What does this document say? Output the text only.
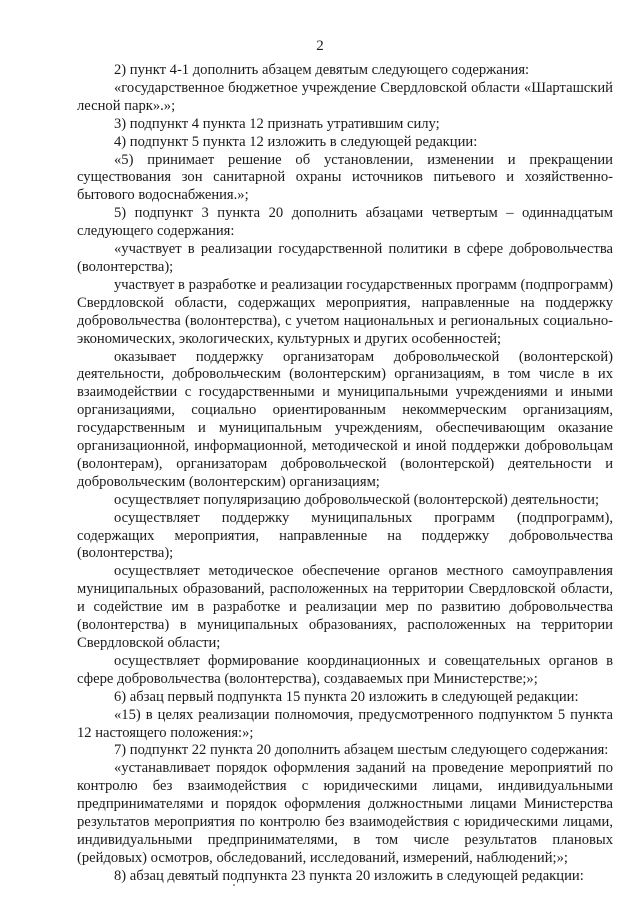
2

2) пункт 4-1 дополнить абзацем девятым следующего содержания:

«государственное бюджетное учреждение Свердловской области «Шарташский лесной парк».»;

3) подпункт 4 пункта 12 признать утратившим силу;

4) подпункт 5 пункта 12 изложить в следующей редакции:

«5) принимает решение об установлении, изменении и прекращении существования зон санитарной охраны источников питьевого и хозяйственно-бытового водоснабжения.»;

5) подпункт 3 пункта 20 дополнить абзацами четвертым – одиннадцатым следующего содержания:

«участвует в реализации государственной политики в сфере добровольчества (волонтерства);

участвует в разработке и реализации государственных программ (подпрограмм) Свердловской области, содержащих мероприятия, направленные на поддержку добровольчества (волонтерства), с учетом национальных и региональных социально-экономических, экологических, культурных и других особенностей;

оказывает поддержку организаторам добровольческой (волонтерской) деятельности, добровольческим (волонтерским) организациям, в том числе в их взаимодействии с государственными и муниципальными учреждениями и иными организациями, социально ориентированным некоммерческим организациям, государственным и муниципальным учреждениям, обеспечивающим оказание организационной, информационной, методической и иной поддержки добровольцам (волонтерам), организаторам добровольческой (волонтерской) деятельности и добровольческим (волонтерским) организациям;

осуществляет популяризацию добровольческой (волонтерской) деятельности;

осуществляет поддержку муниципальных программ (подпрограмм), содержащих мероприятия, направленные на поддержку добровольчества (волонтерства);

осуществляет методическое обеспечение органов местного самоуправления муниципальных образований, расположенных на территории Свердловской области, и содействие им в разработке и реализации мер по развитию добровольчества (волонтерства) в муниципальных образованиях, расположенных на территории Свердловской области;

осуществляет формирование координационных и совещательных органов в сфере добровольчества (волонтерства), создаваемых при Министерстве;»;

6) абзац первый подпункта 15 пункта 20 изложить в следующей редакции:

«15) в целях реализации полномочия, предусмотренного подпунктом 5 пункта 12 настоящего положения:»;

7) подпункт 22 пункта 20 дополнить абзацем шестым следующего содержания:

«устанавливает порядок оформления заданий на проведение мероприятий по контролю без взаимодействия с юридическими лицами, индивидуальными предпринимателями и порядок оформления должностными лицами Министерства результатов мероприятия по контролю без взаимодействия с юридическими лицами, индивидуальными предпринимателями, в том числе результатов плановых (рейдовых) осмотров, обследований, исследований, измерений, наблюдений;»;

8) абзац девятый подпункта 23 пункта 20 изложить в следующей редакции:
